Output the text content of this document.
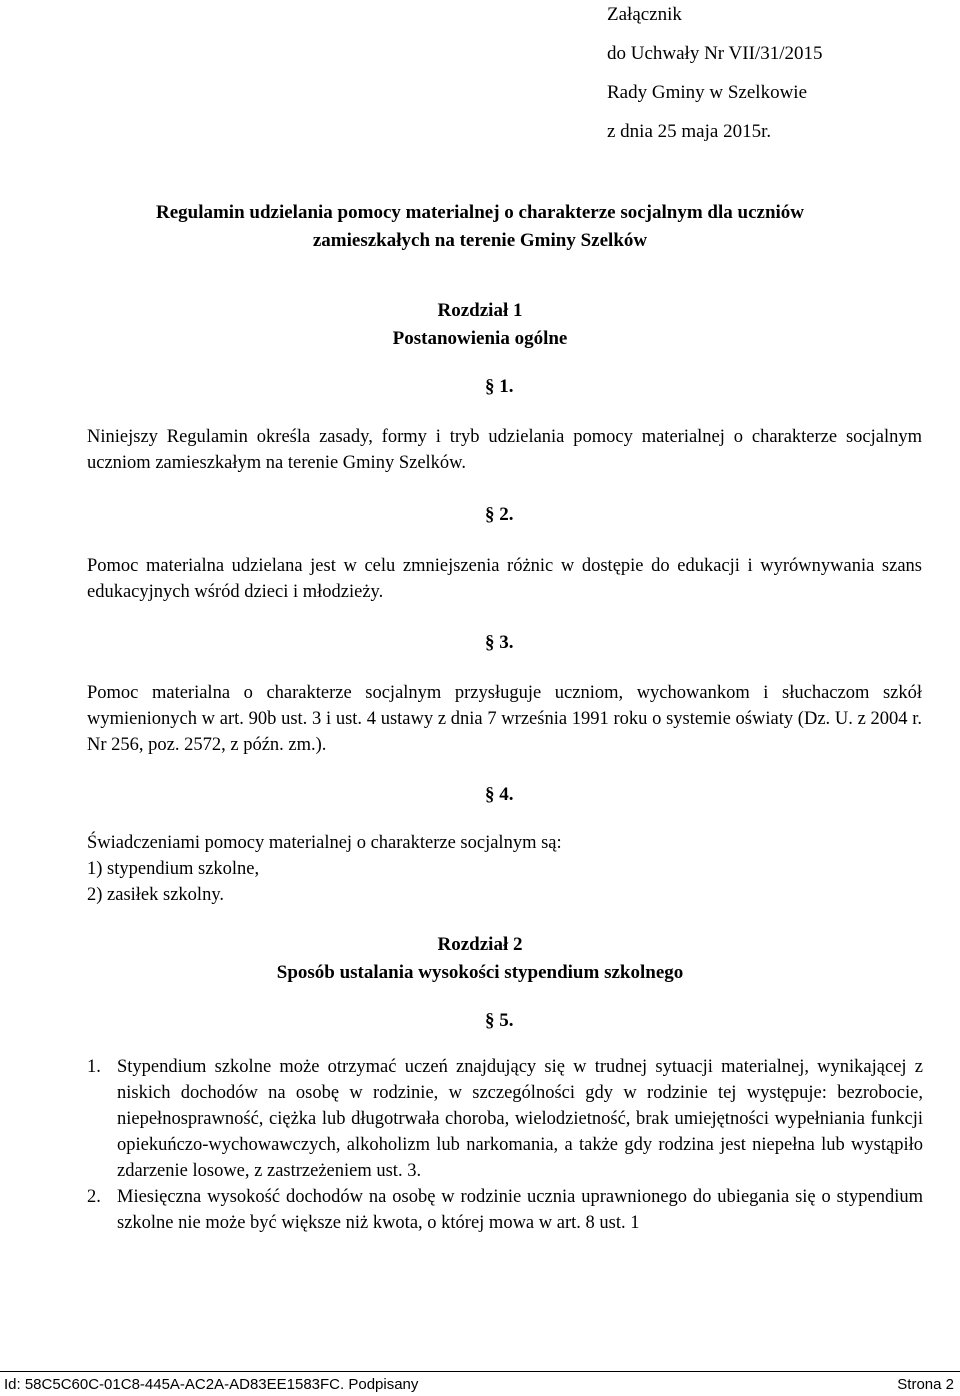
Załącznik
do Uchwały Nr VII/31/2015
Rady Gminy w Szelkowie
z dnia 25 maja 2015r.
Regulamin udzielania pomocy materialnej o charakterze socjalnym dla uczniów
zamieszkałych na terenie Gminy Szelków
Rozdział 1
Postanowienia ogólne
§ 1.
Niniejszy Regulamin określa zasady, formy i tryb udzielania pomocy materialnej o charakterze socjalnym uczniom zamieszkałym na terenie Gminy Szelków.
§ 2.
Pomoc materialna udzielana jest w celu zmniejszenia różnic w dostępie do edukacji i wyrównywania szans edukacyjnych wśród dzieci i młodzieży.
§ 3.
Pomoc materialna o charakterze socjalnym przysługuje uczniom, wychowankom i słuchaczom szkół wymienionych w art. 90b ust. 3 i ust. 4 ustawy z dnia 7 września 1991 roku o systemie oświaty (Dz. U. z 2004 r. Nr 256, poz. 2572, z późn. zm.).
§ 4.
Świadczeniami pomocy materialnej o charakterze socjalnym są:
1) stypendium szkolne,
2) zasiłek szkolny.
Rozdział 2
Sposób ustalania wysokości stypendium szkolnego
§ 5.
1. Stypendium szkolne może otrzymać uczeń znajdujący się w trudnej sytuacji materialnej, wynikającej z niskich dochodów na osobę w rodzinie, w szczególności gdy w rodzinie tej występuje: bezrobocie, niepełnosprawność, ciężka lub długotrwała choroba, wielodzietność, brak umiejętności wypełniania funkcji opiekuńczo-wychowawczych, alkoholizm lub narkomania, a także gdy rodzina jest niepełna lub wystąpiło zdarzenie losowe, z zastrzeżeniem ust. 3.
2. Miesięczna wysokość dochodów na osobę w rodzinie ucznia uprawnionego do ubiegania się o stypendium szkolne nie może być większe niż kwota, o której mowa w art. 8 ust. 1
Id: 58C5C60C-01C8-445A-AC2A-AD83EE1583FC. Podpisany	Strona 2
